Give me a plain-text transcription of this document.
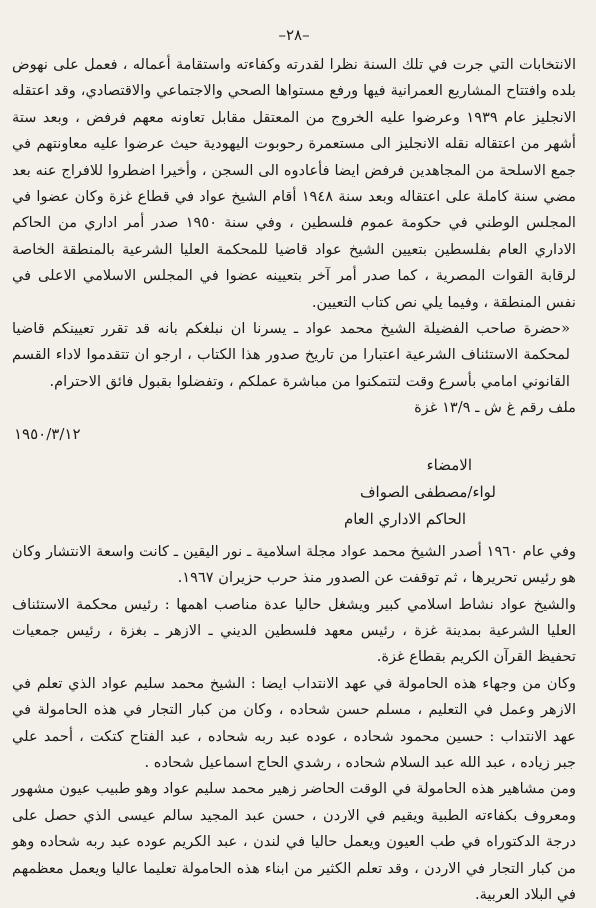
–٢٨–

الانتخابات التي جرت في تلك السنة نظرا لقدرته وكفاءته واستقامة أعماله ، فعمل على نهوض بلده وافتتاح المشاريع العمرانية فيها ورفع مستواها الصحي والاجتماعي والاقتصادي، وقد اعتقله الانجليز عام ١٩٣٩ وعرضوا عليه الخروج من المعتقل مقابل تعاونه معهم فرفض ، وبعد ستة أشهر من اعتقاله نقله الانجليز الى مستعمرة رحوبوت اليهودية حيث عرضوا عليه معاونتهم في جمع الاسلحة من المجاهدين فرفض ايضا فأعادوه الى السجن ، وأخيرا اضطروا للافراج عنه بعد مضي سنة كاملة على اعتقاله وبعد سنة ١٩٤٨ أقام الشيخ عواد في قطاع غزة وكان عضوا في المجلس الوطني في حكومة عموم فلسطين ، وفي سنة ١٩٥٠ صدر أمر اداري من الحاكم الاداري العام بفلسطين بتعيين الشيخ عواد قاضيا للمحكمة العليا الشرعية بالمنطقة الخاصة لرقابة القوات المصرية ، كما صدر أمر آخر بتعيينه عضوا في المجلس الاسلامي الاعلى في نفس المنطقة ، وفيما يلي نص كتاب التعيين.

«حضرة صاحب الفضيلة الشيخ محمد عواد ـ يسرنا ان نبلغكم بانه قد تقرر تعيينكم قاضيا لمحكمة الاستئناف الشرعية اعتبارا من تاريخ صدور هذا الكتاب ، ارجو ان تتقدموا لاداء القسم القانوني امامي بأسرع وقت لتتمكنوا من مباشرة عملكم ، وتفضلوا بقبول فائق الاحترام.

ملف رقم غ ش ـ ١٣/٩ غزة

١٩٥٠/٣/١٢
الامضاء
لواء/مصطفى الصواف
الحاكم الاداري العام

وفي عام ١٩٦٠ أصدر الشيخ محمد عواد مجلة اسلامية ـ نور اليقين ـ كانت واسعة الانتشار وكان هو رئيس تحريرها ، ثم توقفت عن الصدور منذ حرب حزيران ١٩٦٧.

والشيخ عواد نشاط اسلامي كبير ويشغل حاليا عدة مناصب اهمها : رئيس محكمة الاستئناف العليا الشرعية بمدينة غزة ، رئيس معهد فلسطين الديني ـ الازهر ـ بغزة ، رئيس جمعيات تحفيظ القرآن الكريم بقطاع غزة.

وكان من وجهاء هذه الحامولة في عهد الانتداب ايضا : الشيخ محمد سليم عواد الذي تعلم في الازهر وعمل في التعليم ، مسلم حسن شحاده ، وكان من كبار التجار في هذه الحامولة في عهد الانتداب : حسين محمود شحاده ، عوده عبد ربه شحاده ، عبد الفتاح كتكت ، أحمد علي جبر زياده ، عبد الله عبد السلام شحاده ، رشدي الحاج اسماعيل شحاده .

ومن مشاهير هذه الحامولة في الوقت الحاضر زهير محمد سليم عواد وهو طبيب عيون مشهور ومعروف بكفاءته الطبية ويقيم في الاردن ، حسن عبد المجيد سالم عيسى الذي حصل على درجة الدكتوراه في طب العيون ويعمل حاليا في لندن ، عبد الكريم عوده عبد ربه شحاده وهو من كبار التجار في الاردن ، وقد تعلم الكثير من ابناء هذه الحامولة تعليما عاليا ويعمل معظمهم في البلاد العربية.
